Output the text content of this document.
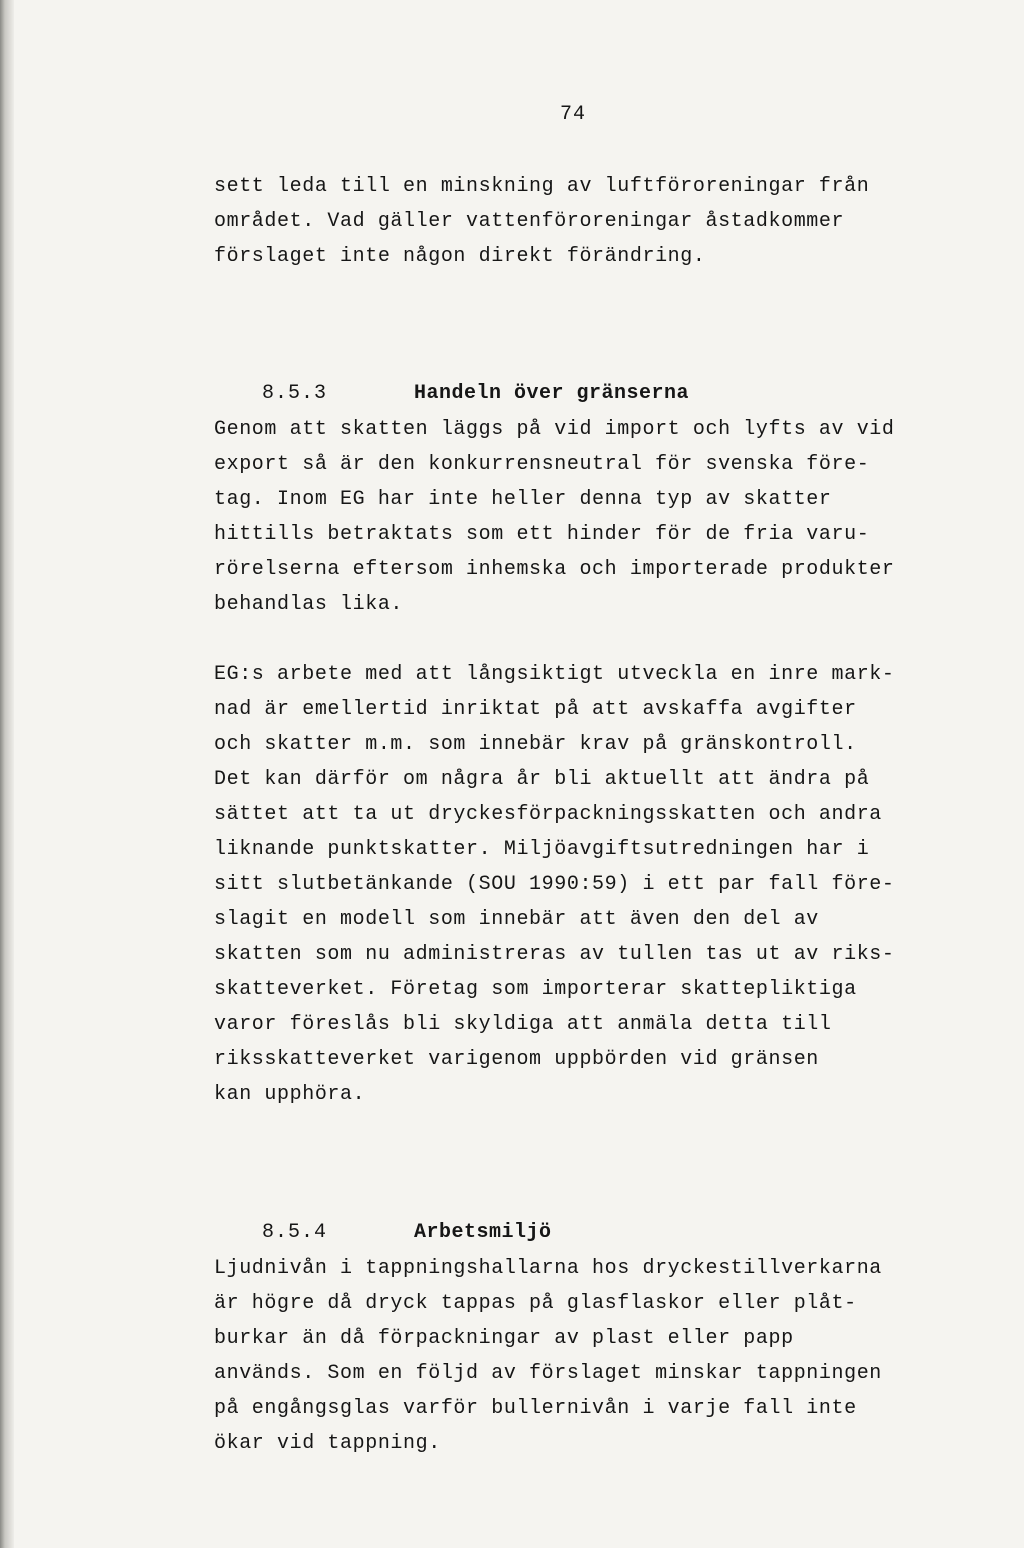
74
sett leda till en minskning av luftföroreningar från
området. Vad gäller vattenföroreningar åstadkommer
förslaget inte någon direkt förändring.

8.5.3	Handeln över gränserna

Genom att skatten läggs på vid import och lyfts av vid
export så är den konkurrensneutral för svenska före-
tag. Inom EG har inte heller denna typ av skatter
hittills betraktats som ett hinder för de fria varu-
rörelserna eftersom inhemska och importerade produkter
behandlas lika.
EG:s arbete med att långsiktigt utveckla en inre mark-
nad är emellertid inriktat på att avskaffa avgifter
och skatter m.m. som innebär krav på gränskontroll.
Det kan därför om några år bli aktuellt att ändra på
sättet att ta ut dryckesförpackningsskatten och andra
liknande punktskatter. Miljöavgiftsutredningen har i
sitt slutbetänkande (SOU 1990:59) i ett par fall före-
slagit en modell som innebär att även den del av
skatten som nu administreras av tullen tas ut av riks-
skatteverket. Företag som importerar skattepliktiga
varor föreslås bli skyldiga att anmäla detta till
riksskatteverket varigenom uppbörden vid gränsen
kan upphöra.

8.5.4	Arbetsmiljö

Ljudnivån i tappningshallarna hos dryckestillverkarna
är högre då dryck tappas på glasflaskor eller plåt-
burkar än då förpackningar av plast eller papp
används. Som en följd av förslaget minskar tappningen
på engångsglas varför bullernivån i varje fall inte
ökar vid tappning.
